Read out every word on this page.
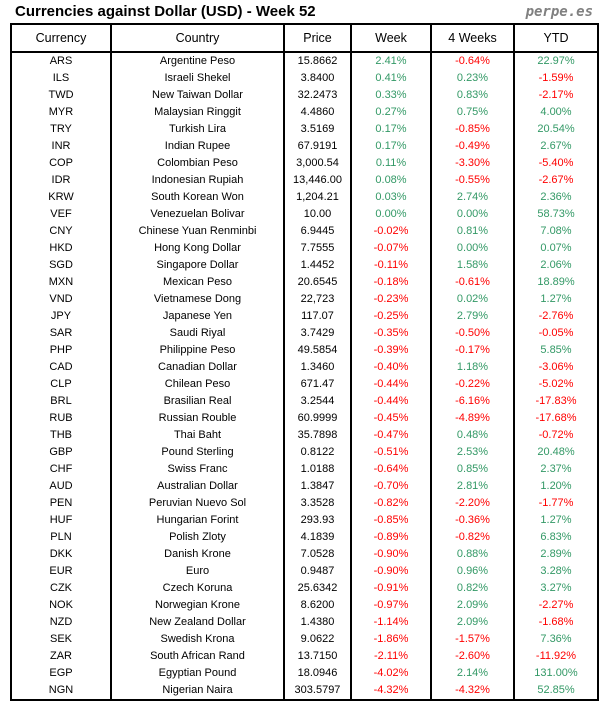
Currencies against Dollar (USD) - Week 52	perpe.es
Currency	Country	Price	Week	4 Weeks	YTD
ARS	Argentine Peso	15.8662	2.41%	-0.64%	22.97%
ILS	Israeli Shekel	3.8400	0.41%	0.23%	-1.59%
TWD	New Taiwan Dollar	32.2473	0.33%	0.83%	-2.17%
MYR	Malaysian Ringgit	4.4860	0.27%	0.75%	4.00%
TRY	Turkish Lira	3.5169	0.17%	-0.85%	20.54%
INR	Indian Rupee	67.9191	0.17%	-0.49%	2.67%
COP	Colombian Peso	3,000.54	0.11%	-3.30%	-5.40%
IDR	Indonesian Rupiah	13,446.00	0.08%	-0.55%	-2.67%
KRW	South Korean Won	1,204.21	0.03%	2.74%	2.36%
VEF	Venezuelan Bolivar	10.00	0.00%	0.00%	58.73%
CNY	Chinese Yuan Renminbi	6.9445	-0.02%	0.81%	7.08%
HKD	Hong Kong Dollar	7.7555	-0.07%	0.00%	0.07%
SGD	Singapore Dollar	1.4452	-0.11%	1.58%	2.06%
MXN	Mexican Peso	20.6545	-0.18%	-0.61%	18.89%
VND	Vietnamese Dong	22,723	-0.23%	0.02%	1.27%
JPY	Japanese Yen	117.07	-0.25%	2.79%	-2.76%
SAR	Saudi Riyal	3.7429	-0.35%	-0.50%	-0.05%
PHP	Philippine Peso	49.5854	-0.39%	-0.17%	5.85%
CAD	Canadian Dollar	1.3460	-0.40%	1.18%	-3.06%
CLP	Chilean Peso	671.47	-0.44%	-0.22%	-5.02%
BRL	Brasilian Real	3.2544	-0.44%	-6.16%	-17.83%
RUB	Russian Rouble	60.9999	-0.45%	-4.89%	-17.68%
THB	Thai Baht	35.7898	-0.47%	0.48%	-0.72%
GBP	Pound Sterling	0.8122	-0.51%	2.53%	20.48%
CHF	Swiss Franc	1.0188	-0.64%	0.85%	2.37%
AUD	Australian Dollar	1.3847	-0.70%	2.81%	1.20%
PEN	Peruvian Nuevo Sol	3.3528	-0.82%	-2.20%	-1.77%
HUF	Hungarian Forint	293.93	-0.85%	-0.36%	1.27%
PLN	Polish Zloty	4.1839	-0.89%	-0.82%	6.83%
DKK	Danish Krone	7.0528	-0.90%	0.88%	2.89%
EUR	Euro	0.9487	-0.90%	0.96%	3.28%
CZK	Czech Koruna	25.6342	-0.91%	0.82%	3.27%
NOK	Norwegian Krone	8.6200	-0.97%	2.09%	-2.27%
NZD	New Zealand Dollar	1.4380	-1.14%	2.09%	-1.68%
SEK	Swedish Krona	9.0622	-1.86%	-1.57%	7.36%
ZAR	South African Rand	13.7150	-2.11%	-2.60%	-11.92%
EGP	Egyptian Pound	18.0946	-4.02%	2.14%	131.00%
NGN	Nigerian Naira	303.5797	-4.32%	-4.32%	52.85%
